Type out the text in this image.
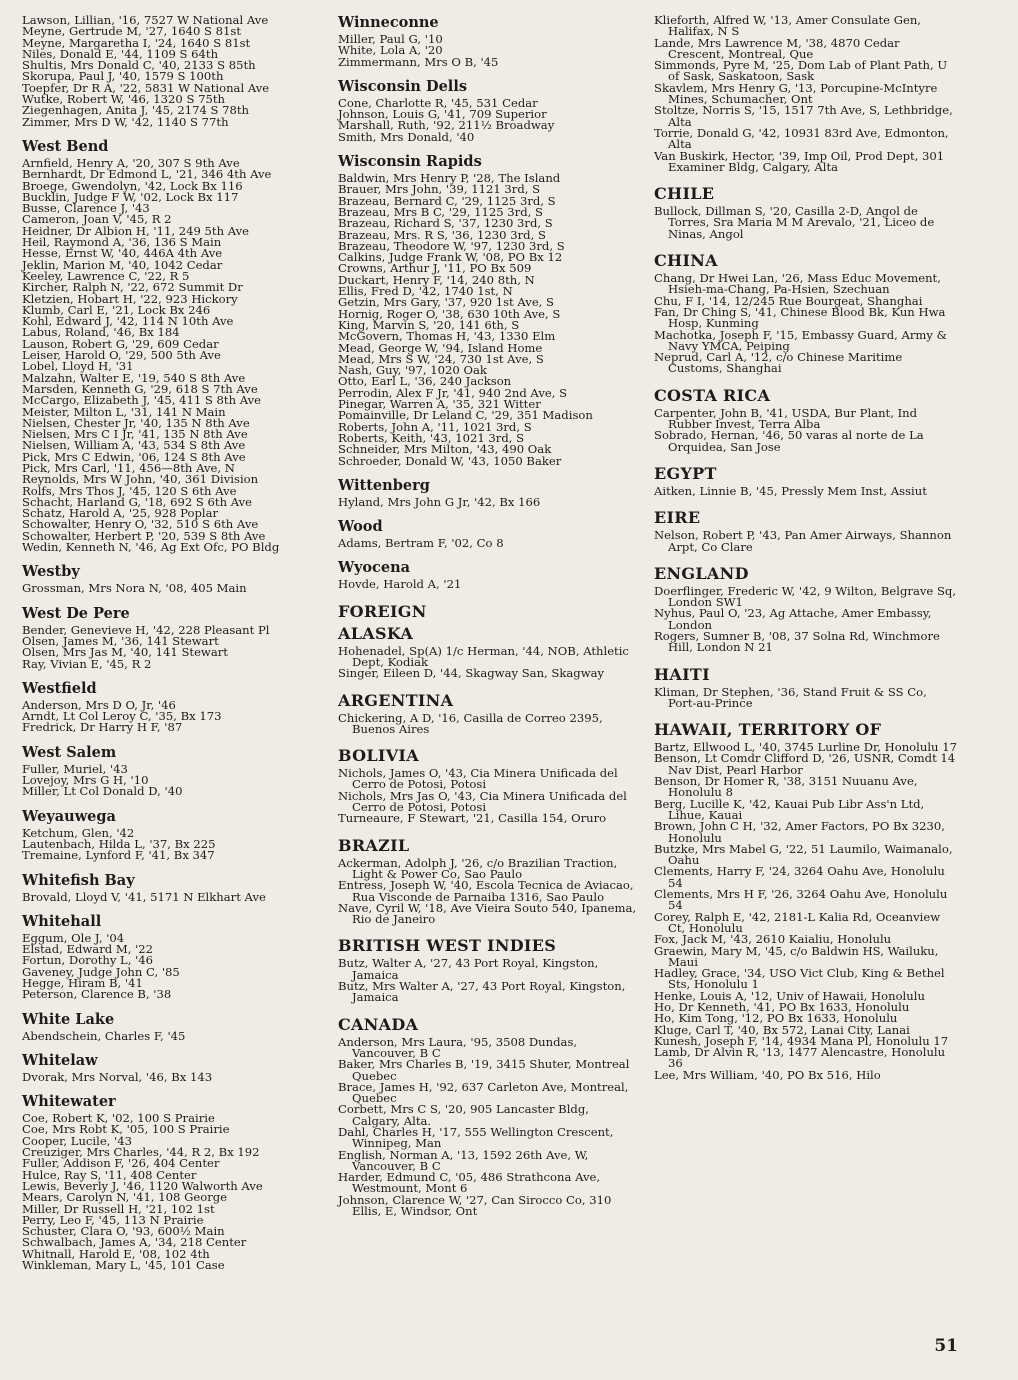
Lawson, Lillian, '16, 7527 W National Ave
Meyne, Gertrude M, '27, 1640 S 81st
Meyne, Margaretha I, '24, 1640 S 81st
Niles, Donald E, '44, 1109 S 64th
Shultis, Mrs Donald C, '40, 2133 S 85th
Skorupa, Paul J, '40, 1579 S 100th
Toepfer, Dr R A, '22, 5831 W National Ave
Wutke, Robert W, '46, 1320 S 75th
Ziegenhagen, Anita J, '45, 2174 S 78th
Zimmer, Mrs D W, '42, 1140 S 77th
West Bend
Arnfield, Henry A, '20, 307 S 9th Ave
Bernhardt, Dr Edmond L, '21, 346 4th Ave
Broege, Gwendolyn, '42, Lock Bx 116
Bucklin, Judge F W, '02, Lock Bx 117
Busse, Clarence J, '43
Cameron, Joan V, '45, R 2
Heidner, Dr Albion H, '11, 249 5th Ave
Heil, Raymond A, '36, 136 S Main
Hesse, Ernst W, '40, 446A 4th Ave
Jeklin, Marion M, '40, 1042 Cedar
Keeley, Lawrence C, '22, R 5
Kircher, Ralph N, '22, 672 Summit Dr
Kletzien, Hobart H, '22, 923 Hickory
Klumb, Carl E, '21, Lock Bx 246
Kohl, Edward J, '42, 114 N 10th Ave
Labus, Roland, '46, Bx 184
Lauson, Robert G, '29, 609 Cedar
Leiser, Harold O, '29, 500 5th Ave
Lobel, Lloyd H, '31
Malzahn, Walter E, '19, 540 S 8th Ave
Marsden, Kenneth G, '29, 618 S 7th Ave
McCargo, Elizabeth J, '45, 411 S 8th Ave
Meister, Milton L, '31, 141 N Main
Nielsen, Chester Jr, '40, 135 N 8th Ave
Nielsen, Mrs C I Jr, '41, 135 N 8th Ave
Nielsen, William A, '43, 534 S 8th Ave
Pick, Mrs C Edwin, '06, 124 S 8th Ave
Pick, Mrs Carl, '11, 456—8th Ave, N
Reynolds, Mrs W John, '40, 361 Division
Rolfs, Mrs Thos J, '45, 120 S 6th Ave
Schacht, Harland G, '18, 692 S 6th Ave
Schatz, Harold A, '25, 928 Poplar
Schowalter, Henry O, '32, 510 S 6th Ave
Schowalter, Herbert P, '20, 539 S 8th Ave
Wedin, Kenneth N, '46, Ag Ext Ofc, PO Bldg
Westby
Grossman, Mrs Nora N, '08, 405 Main
West De Pere
Bender, Genevieve H, '42, 228 Pleasant Pl
Olsen, James M, '36, 141 Stewart
Olsen, Mrs Jas M, '40, 141 Stewart
Ray, Vivian E, '45, R 2
Westfield
Anderson, Mrs D O, Jr, '46
Arndt, Lt Col Leroy C, '35, Bx 173
Fredrick, Dr Harry H F, '87
West Salem
Fuller, Muriel, '43
Lovejoy, Mrs G H, '10
Miller, Lt Col Donald D, '40
Weyauwega
Ketchum, Glen, '42
Lautenbach, Hilda L, '37, Bx 225
Tremaine, Lynford F, '41, Bx 347
Whitefish Bay
Brovald, Lloyd V, '41, 5171 N Elkhart Ave
Whitehall
Eggum, Ole J, '04
Elstad, Edward M, '22
Fortun, Dorothy L, '46
Gaveney, Judge John C, '85
Hegge, Hiram B, '41
Peterson, Clarence B, '38
White Lake
Abendschein, Charles F, '45
Whitelaw
Dvorak, Mrs Norval, '46, Bx 143
Whitewater
Coe, Robert K, '02, 100 S Prairie
Coe, Mrs Robt K, '05, 100 S Prairie
Cooper, Lucile, '43
Creuziger, Mrs Charles, '44, R 2, Bx 192
Fuller, Addison F, '26, 404 Center
Hulce, Ray S, '11, 408 Center
Lewis, Beverly J, '46, 1120 Walworth Ave
Mears, Carolyn N, '41, 108 George
Miller, Dr Russell H, '21, 102 1st
Perry, Leo F, '45, 113 N Prairie
Schuster, Clara O, '93, 600½ Main
Schwalbach, James A, '34, 218 Center
Whitnall, Harold E, '08, 102 4th
Winkleman, Mary L, '45, 101 Case
Winneconne
Miller, Paul G, '10
White, Lola A, '20
Zimmermann, Mrs O B, '45
Wisconsin Dells
Cone, Charlotte R, '45, 531 Cedar
Johnson, Louis G, '41, 709 Superior
Marshall, Ruth, '92, 211½ Broadway
Smith, Mrs Donald, '40
Wisconsin Rapids
Baldwin, Mrs Henry P, '28, The Island
Brauer, Mrs John, '39, 1121 3rd, S
Brazeau, Bernard C, '29, 1125 3rd, S
Brazeau, Mrs B C, '29, 1125 3rd, S
Brazeau, Richard S, '37, 1230 3rd, S
Brazeau, Mrs. R S, '36, 1230 3rd, S
Brazeau, Theodore W, '97, 1230 3rd, S
Calkins, Judge Frank W, '08, PO Bx 12
Crowns, Arthur J, '11, PO Bx 509
Duckart, Henry F, '14, 240 8th, N
Ellis, Fred D, '42, 1740 1st, N
Getzin, Mrs Gary, '37, 920 1st Ave, S
Hornig, Roger O, '38, 630 10th Ave, S
King, Marvin S, '20, 141 6th, S
McGovern, Thomas H, '43, 1330 Elm
Mead, George W, '94, Island Home
Mead, Mrs S W, '24, 730 1st Ave, S
Nash, Guy, '97, 1020 Oak
Otto, Earl L, '36, 240 Jackson
Perrodin, Alex F Jr, '41, 940 2nd Ave, S
Pinegar, Warren A, '35, 321 Witter
Pomainville, Dr Leland C, '29, 351 Madison
Roberts, John A, '11, 1021 3rd, S
Roberts, Keith, '43, 1021 3rd, S
Schneider, Mrs Milton, '43, 490 Oak
Schroeder, Donald W, '43, 1050 Baker
Wittenberg
Hyland, Mrs John G Jr, '42, Bx 166
Wood
Adams, Bertram F, '02, Co 8
Wyocena
Hovde, Harold A, '21
FOREIGN
ALASKA
Hohenadel, Sp(A) 1/c Herman, '44, NOB, Athletic Dept, Kodiak
Singer, Eileen D, '44, Skagway San, Skagway
ARGENTINA
Chickering, A D, '16, Casilla de Correo 2395, Buenos Aires
BOLIVIA
Nichols, James O, '43, Cia Minera Unificada del Cerro de Potosi, Potosi
Nichols, Mrs Jas O, '43, Cia Minera Unificada del Cerro de Potosi, Potosi
Turneaure, F Stewart, '21, Casilla 154, Oruro
BRAZIL
Ackerman, Adolph J, '26, c/o Brazilian Traction, Light & Power Co, Sao Paulo
Entress, Joseph W, '40, Escola Tecnica de Aviacao, Rua Visconde de Parnaiba 1316, Sao Paulo
Nave, Cyril W, '18, Ave Vieira Souto 540, Ipanema, Rio de Janeiro
BRITISH WEST INDIES
Butz, Walter A, '27, 43 Port Royal, Kingston, Jamaica
Butz, Mrs Walter A, '27, 43 Port Royal, Kingston, Jamaica
CANADA
Anderson, Mrs Laura, '95, 3508 Dundas, Vancouver, B C
Baker, Mrs Charles B, '19, 3415 Shuter, Montreal Quebec
Brace, James H, '92, 637 Carleton Ave, Montreal, Quebec
Corbett, Mrs C S, '20, 905 Lancaster Bldg, Calgary, Alta.
Dahl, Charles H, '17, 555 Wellington Crescent, Winnipeg, Man
English, Norman A, '13, 1592 26th Ave, W, Vancouver, B C
Harder, Edmund C, '05, 486 Strathcona Ave, Westmount, Mont 6
Johnson, Clarence W, '27, Can Sirocco Co, 310 Ellis, E, Windsor, Ont
Klieforth, Alfred W, '13, Amer Consulate Gen, Halifax, N S
Lande, Mrs Lawrence M, '38, 4870 Cedar Crescent, Montreal, Que
Simmonds, Pyre M, '25, Dom Lab of Plant Path, U of Sask, Saskatoon, Sask
Skavlem, Mrs Henry G, '13, Porcupine-McIntyre Mines, Schumacher, Ont
Stoltze, Norris S, '15, 1517 7th Ave, S, Lethbridge, Alta
Torrie, Donald G, '42, 10931 83rd Ave, Edmonton, Alta
Van Buskirk, Hector, '39, Imp Oil, Prod Dept, 301 Examiner Bldg, Calgary, Alta
CHILE
Bullock, Dillman S, '20, Casilla 2-D, Angol de Torres, Sra Maria M M Arevalo, '21, Liceo de Ninas, Angol
CHINA
Chang, Dr Hwei Lan, '26, Mass Educ Movement, Hsieh-ma-Chang, Pa-Hsien, Szechuan
Chu, F I, '14, 12/245 Rue Bourgeat, Shanghai
Fan, Dr Ching S, '41, Chinese Blood Bk, Kun Hwa Hosp, Kunming
Machotka, Joseph F, '15, Embassy Guard, Army & Navy YMCA, Peiping
Neprud, Carl A, '12, c/o Chinese Maritime Customs, Shanghai
COSTA RICA
Carpenter, John B, '41, USDA, Bur Plant, Ind Rubber Invest, Terra Alba
Sobrado, Hernan, '46, 50 varas al norte de La Orquidea, San Jose
EGYPT
Aitken, Linnie B, '45, Pressly Mem Inst, Assiut
EIRE
Nelson, Robert P, '43, Pan Amer Airways, Shannon Arpt, Co Clare
ENGLAND
Doerflinger, Frederic W, '42, 9 Wilton, Belgrave Sq, London SW1
Nyhus, Paul O, '23, Ag Attache, Amer Embassy, London
Rogers, Sumner B, '08, 37 Solna Rd, Winchmore Hill, London N 21
HAITI
Kliman, Dr Stephen, '36, Stand Fruit & SS Co, Port-au-Prince
HAWAII, TERRITORY OF
Bartz, Ellwood L, '40, 3745 Lurline Dr, Honolulu 17
Benson, Lt Comdr Clifford D, '26, USNR, Comdt 14 Nav Dist, Pearl Harbor
Benson, Dr Homer R, '38, 3151 Nuuanu Ave, Honolulu 8
Berg, Lucille K, '42, Kauai Pub Libr Ass'n Ltd, Lihue, Kauai
Brown, John C H, '32, Amer Factors, PO Bx 3230, Honolulu
Butzke, Mrs Mabel G, '22, 51 Laumilo, Waimanalo, Oahu
Clements, Harry F, '24, 3264 Oahu Ave, Honolulu 54
Clements, Mrs H F, '26, 3264 Oahu Ave, Honolulu 54
Corey, Ralph E, '42, 2181-L Kalia Rd, Oceanview Ct, Honolulu
Fox, Jack M, '43, 2610 Kaialiu, Honolulu
Graewin, Mary M, '45, c/o Baldwin HS, Wailuku, Maui
Hadley, Grace, '34, USO Vict Club, King & Bethel Sts, Honolulu 1
Henke, Louis A, '12, Univ of Hawaii, Honolulu
Ho, Dr Kenneth, '41, PO Bx 1633, Honolulu
Ho, Kim Tong, '12, PO Bx 1633, Honolulu
Kluge, Carl T, '40, Bx 572, Lanai City, Lanai
Kunesh, Joseph F, '14, 4934 Mana Pl, Honolulu 17
Lamb, Dr Alvin R, '13, 1477 Alencastre, Honolulu 36
Lee, Mrs William, '40, PO Bx 516, Hilo
51
